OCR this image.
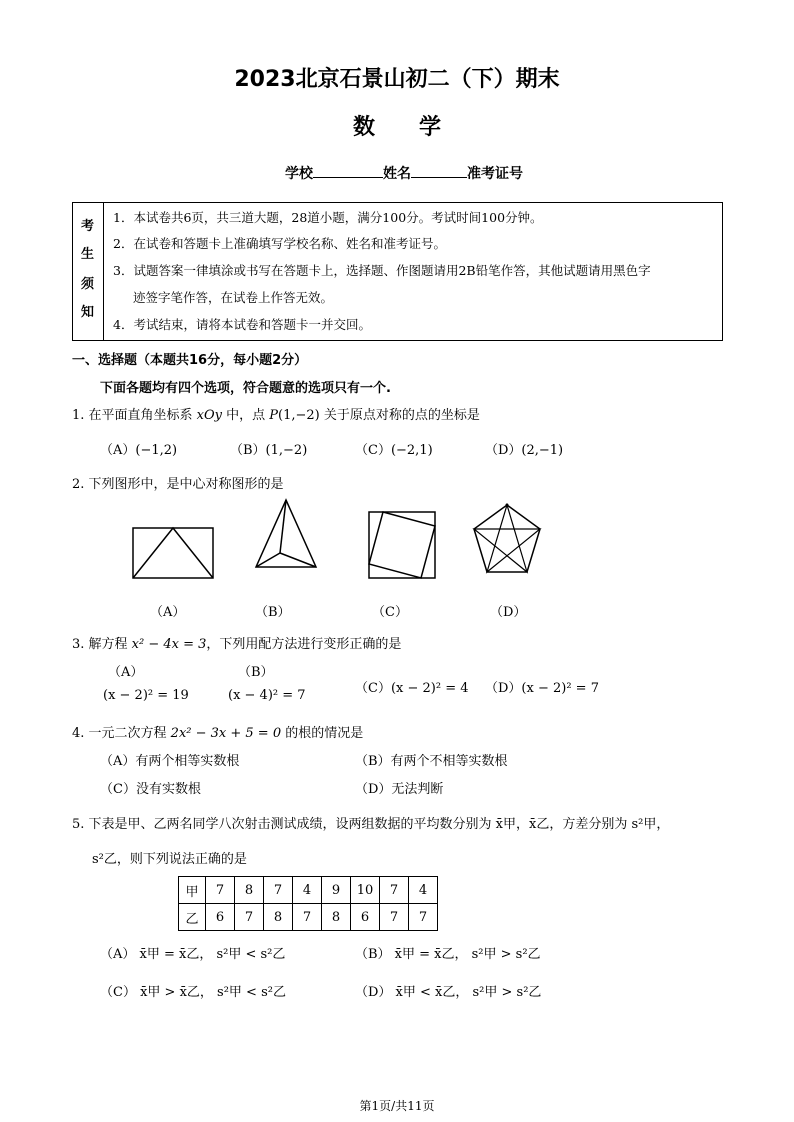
2023北京石景山初二（下）期末
数 学
学校	姓名	准考证号
考
生
须
知
1．本试卷共6页，共三道大题，28道小题，满分100分。考试时间100分钟。
2．在试卷和答题卡上准确填写学校名称、姓名和准考证号。
3．试题答案一律填涂或书写在答题卡上，选择题、作图题请用2B铅笔作答，其他试题请用黑色字
迹签字笔作答，在试卷上作答无效。
4．考试结束，请将本试卷和答题卡一并交回。
一、选择题（本题共16分，每小题2分）
下面各题均有四个选项，符合题意的选项只有一个.
1. 在平面直角坐标系 xOy 中，点 P(1,−2) 关于原点对称的点的坐标是
（A）(−1,2)	（B）(1,−2)	（C）(−2,1)	（D）(2,−1)
2. 下列图形中，是中心对称图形的是
（A）	（B）	（C）	（D）
3. 解方程 x² − 4x = 3，下列用配方法进行变形正确的是
（A）
(x − 2)² = 19
（B）
(x − 4)² = 7	（C）(x − 2)² = 4 （D）(x − 2)² = 7
4. 一元二次方程 2x² − 3x + 5 = 0 的根的情况是
（A）有两个相等实数根	（B）有两个不相等实数根
（C）没有实数根	（D）无法判断
5. 下表是甲、乙两名同学八次射击测试成绩，设两组数据的平均数分别为 x̄甲，x̄乙，方差分别为 s²甲，
s²乙，则下列说法正确的是
甲	7	8	7	4	9	10	7	4
乙	6	7	8	7	8	6	7	7
（A） x̄甲 = x̄乙， s²甲 < s²乙	（B） x̄甲 = x̄乙， s²甲 > s²乙
（C） x̄甲 > x̄乙， s²甲 < s²乙	（D） x̄甲 < x̄乙， s²甲 > s²乙
第1页/共11页
